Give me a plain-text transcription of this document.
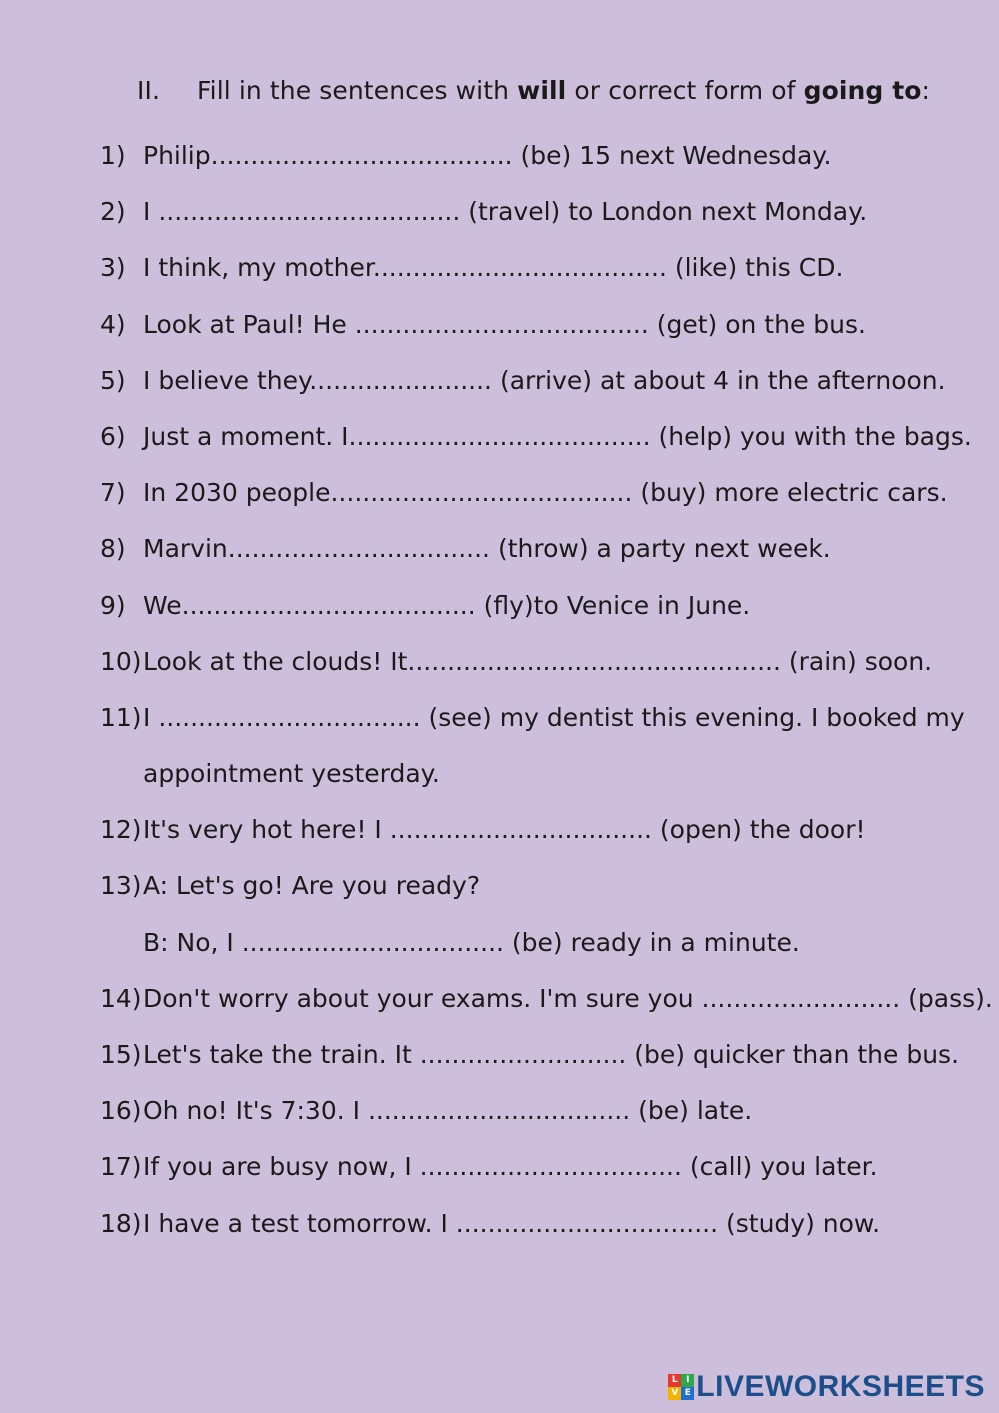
II. Fill in the sentences with will or correct form of going to:
1) Philip...................................... (be) 15 next Wednesday.
2) I ...................................... (travel) to London next Monday.
3) I think, my mother..................................... (like) this CD.
4) Look at Paul! He ..................................... (get) on the bus.
5) I believe they....................... (arrive) at about 4 in the afternoon.
6) Just a moment. I...................................... (help) you with the bags.
7) In 2030 people...................................... (buy) more electric cars.
8) Marvin................................. (throw) a party next week.
9) We..................................... (fly)to Venice in June.
10) Look at the clouds! It............................................... (rain) soon.
11) I ................................. (see) my dentist this evening. I booked my
appointment yesterday.
12) It's very hot here! I ................................. (open) the door!
13) A: Let's go! Are you ready?
B: No, I ................................. (be) ready in a minute.
14) Don't worry about your exams. I'm sure you ......................... (pass).
15) Let's take the train. It .......................... (be) quicker than the bus.
16) Oh no! It's 7:30. I ................................. (be) late.
17) If you are busy now, I ................................. (call) you later.
18) I have a test tomorrow. I ................................. (study) now.
L I
V E LIVEWORKSHEETS
